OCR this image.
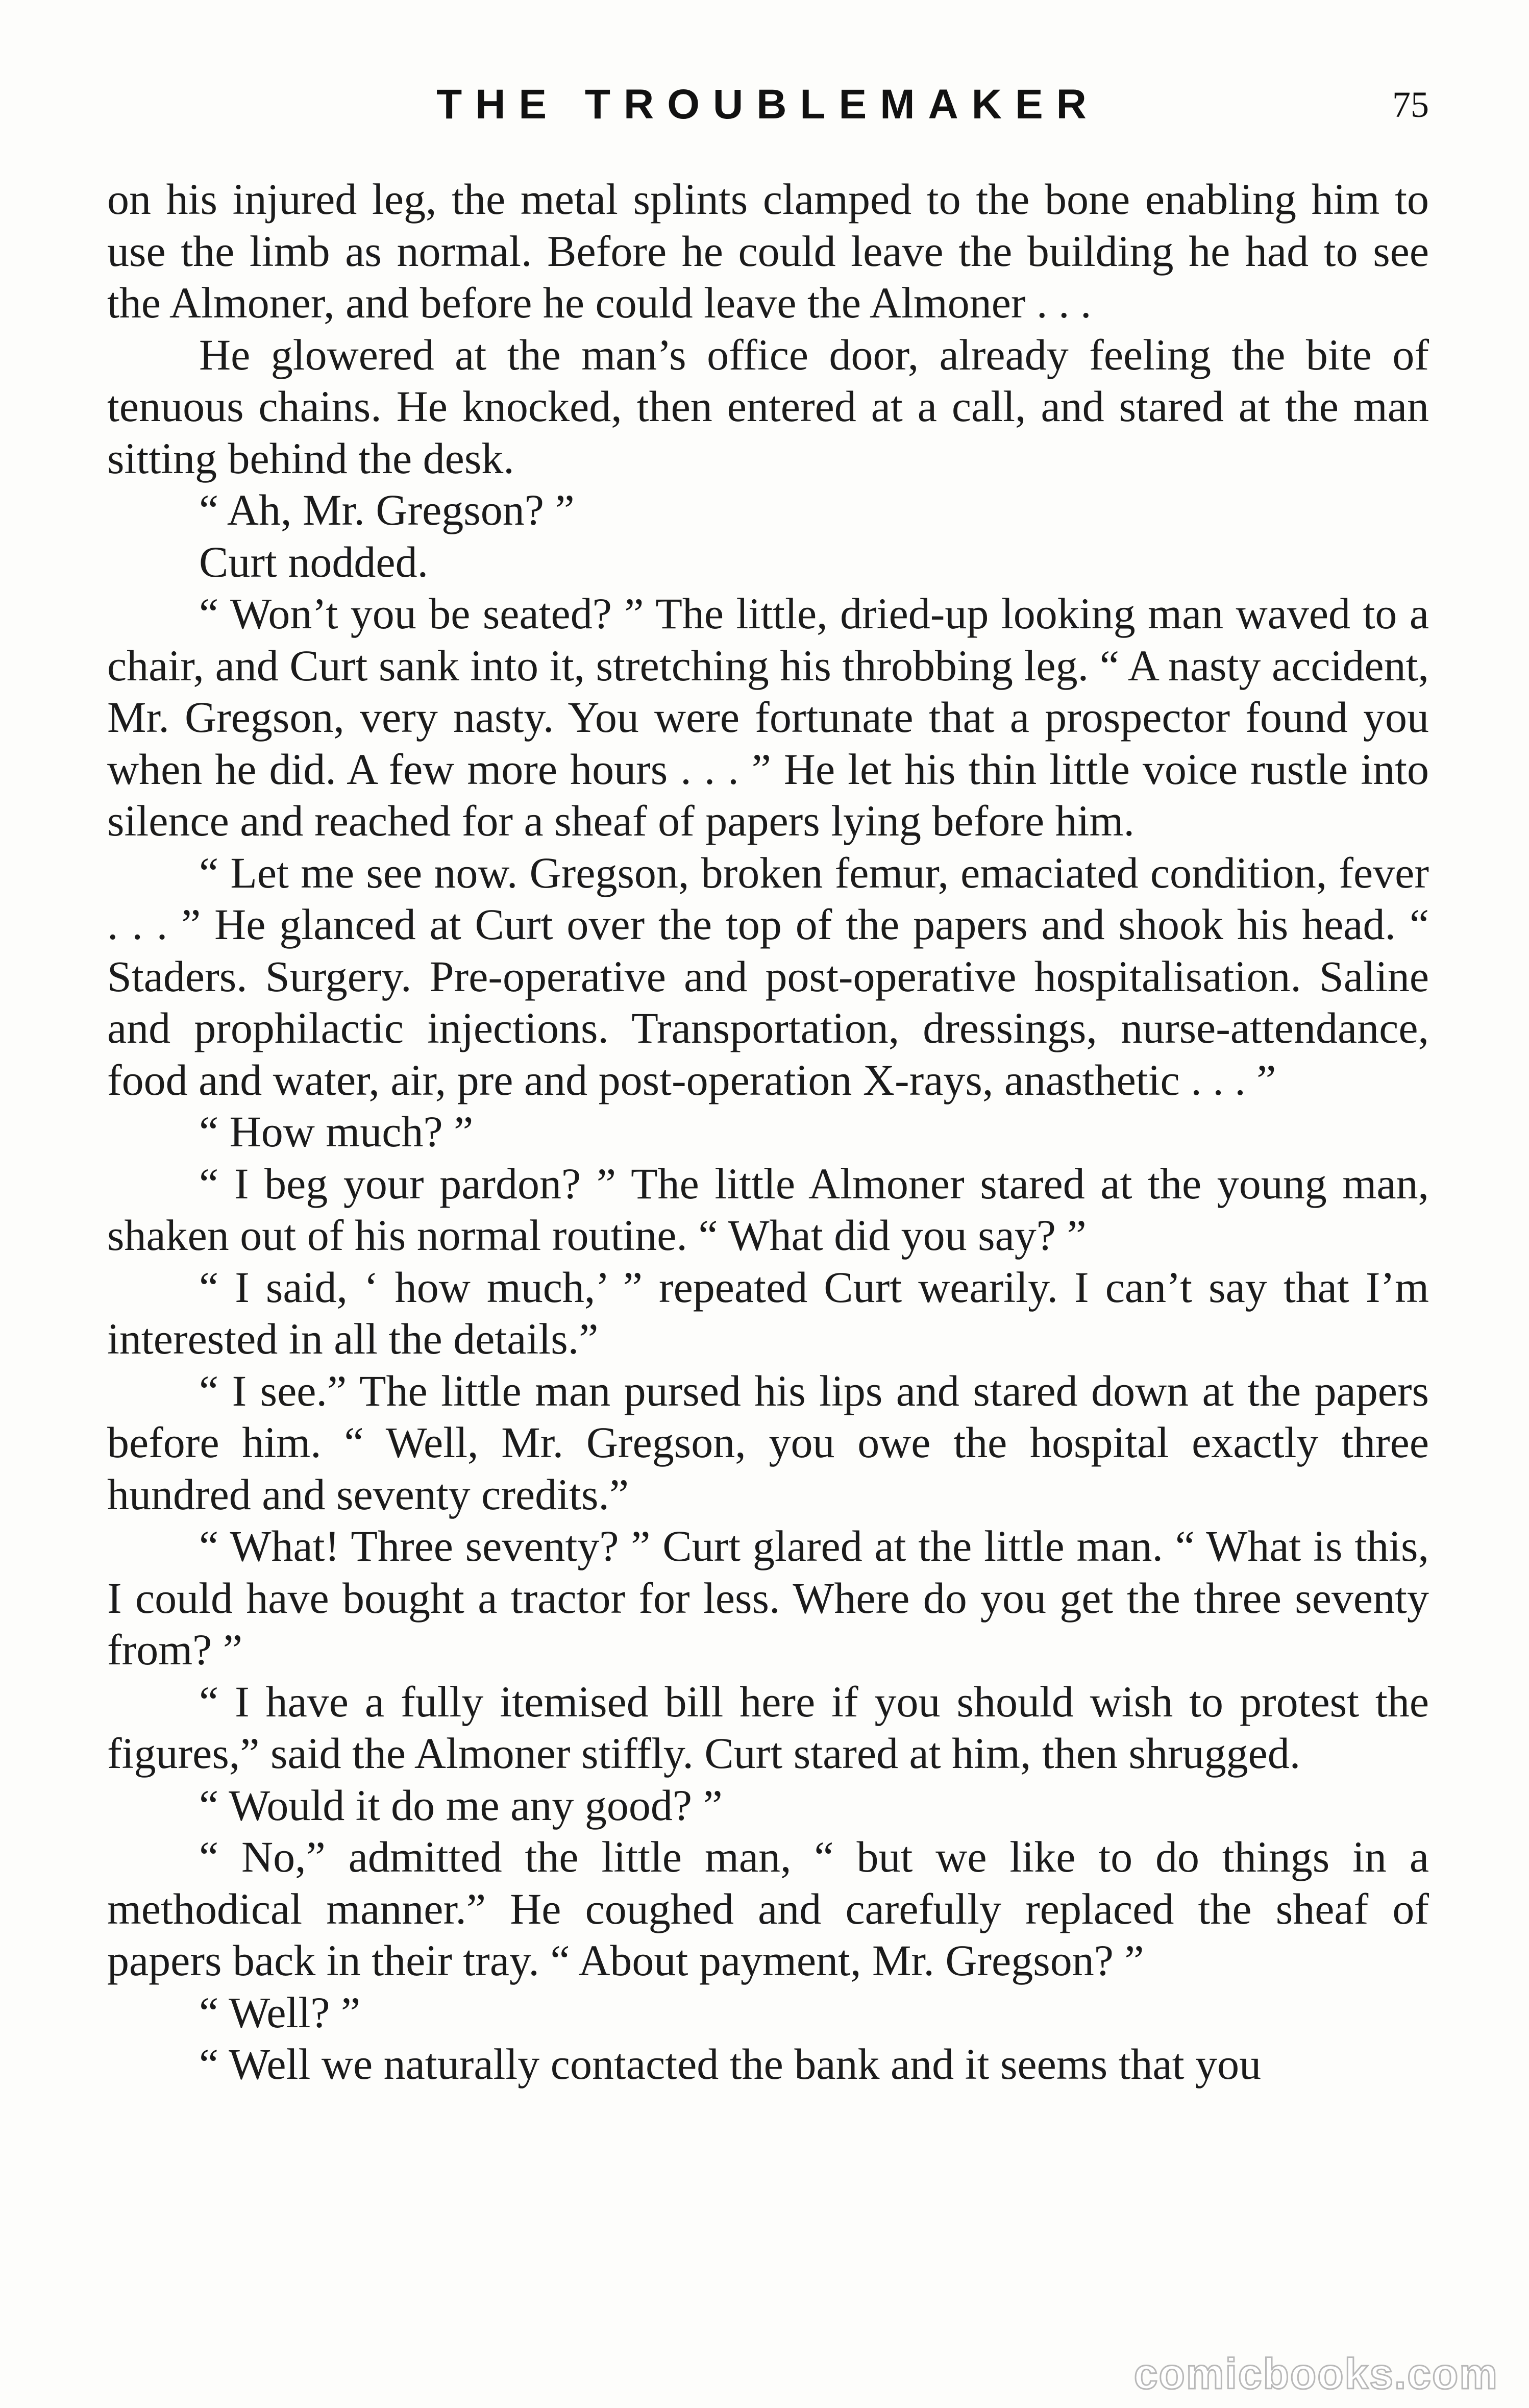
THE TROUBLEMAKER	75

on his injured leg, the metal splints clamped to the bone enabling him to use the limb as normal. Before he could leave the building he had to see the Almoner, and before he could leave the Almoner . . .

He glowered at the man’s office door, already feeling the bite of tenuous chains. He knocked, then entered at a call, and stared at the man sitting behind the desk.

“ Ah, Mr. Gregson? ”

Curt nodded.

“ Won’t you be seated? ” The little, dried-up looking man waved to a chair, and Curt sank into it, stretching his throbbing leg. “ A nasty accident, Mr. Gregson, very nasty. You were fortunate that a prospector found you when he did. A few more hours . . . ” He let his thin little voice rustle into silence and reached for a sheaf of papers lying before him.

“ Let me see now. Gregson, broken femur, emaciated condition, fever . . . ” He glanced at Curt over the top of the papers and shook his head. “ Staders. Surgery. Pre-operative and post-operative hospitalisation. Saline and prophilactic injections. Transportation, dressings, nurse-attendance, food and water, air, pre and post-operation X-rays, anasthetic . . . ”

“ How much? ”

“ I beg your pardon? ” The little Almoner stared at the young man, shaken out of his normal routine. “ What did you say? ”

“ I said, ‘ how much,’ ” repeated Curt wearily. I can’t say that I’m interested in all the details.”

“ I see.” The little man pursed his lips and stared down at the papers before him. “ Well, Mr. Gregson, you owe the hospital exactly three hundred and seventy credits.”

“ What! Three seventy? ” Curt glared at the little man. “ What is this, I could have bought a tractor for less. Where do you get the three seventy from? ”

“ I have a fully itemised bill here if you should wish to protest the figures,” said the Almoner stiffly. Curt stared at him, then shrugged.

“ Would it do me any good? ”

“ No,” admitted the little man, “ but we like to do things in a methodical manner.” He coughed and carefully replaced the sheaf of papers back in their tray. “ About payment, Mr. Gregson? ”

“ Well? ”

“ Well we naturally contacted the bank and it seems that you

comicbooks.com
